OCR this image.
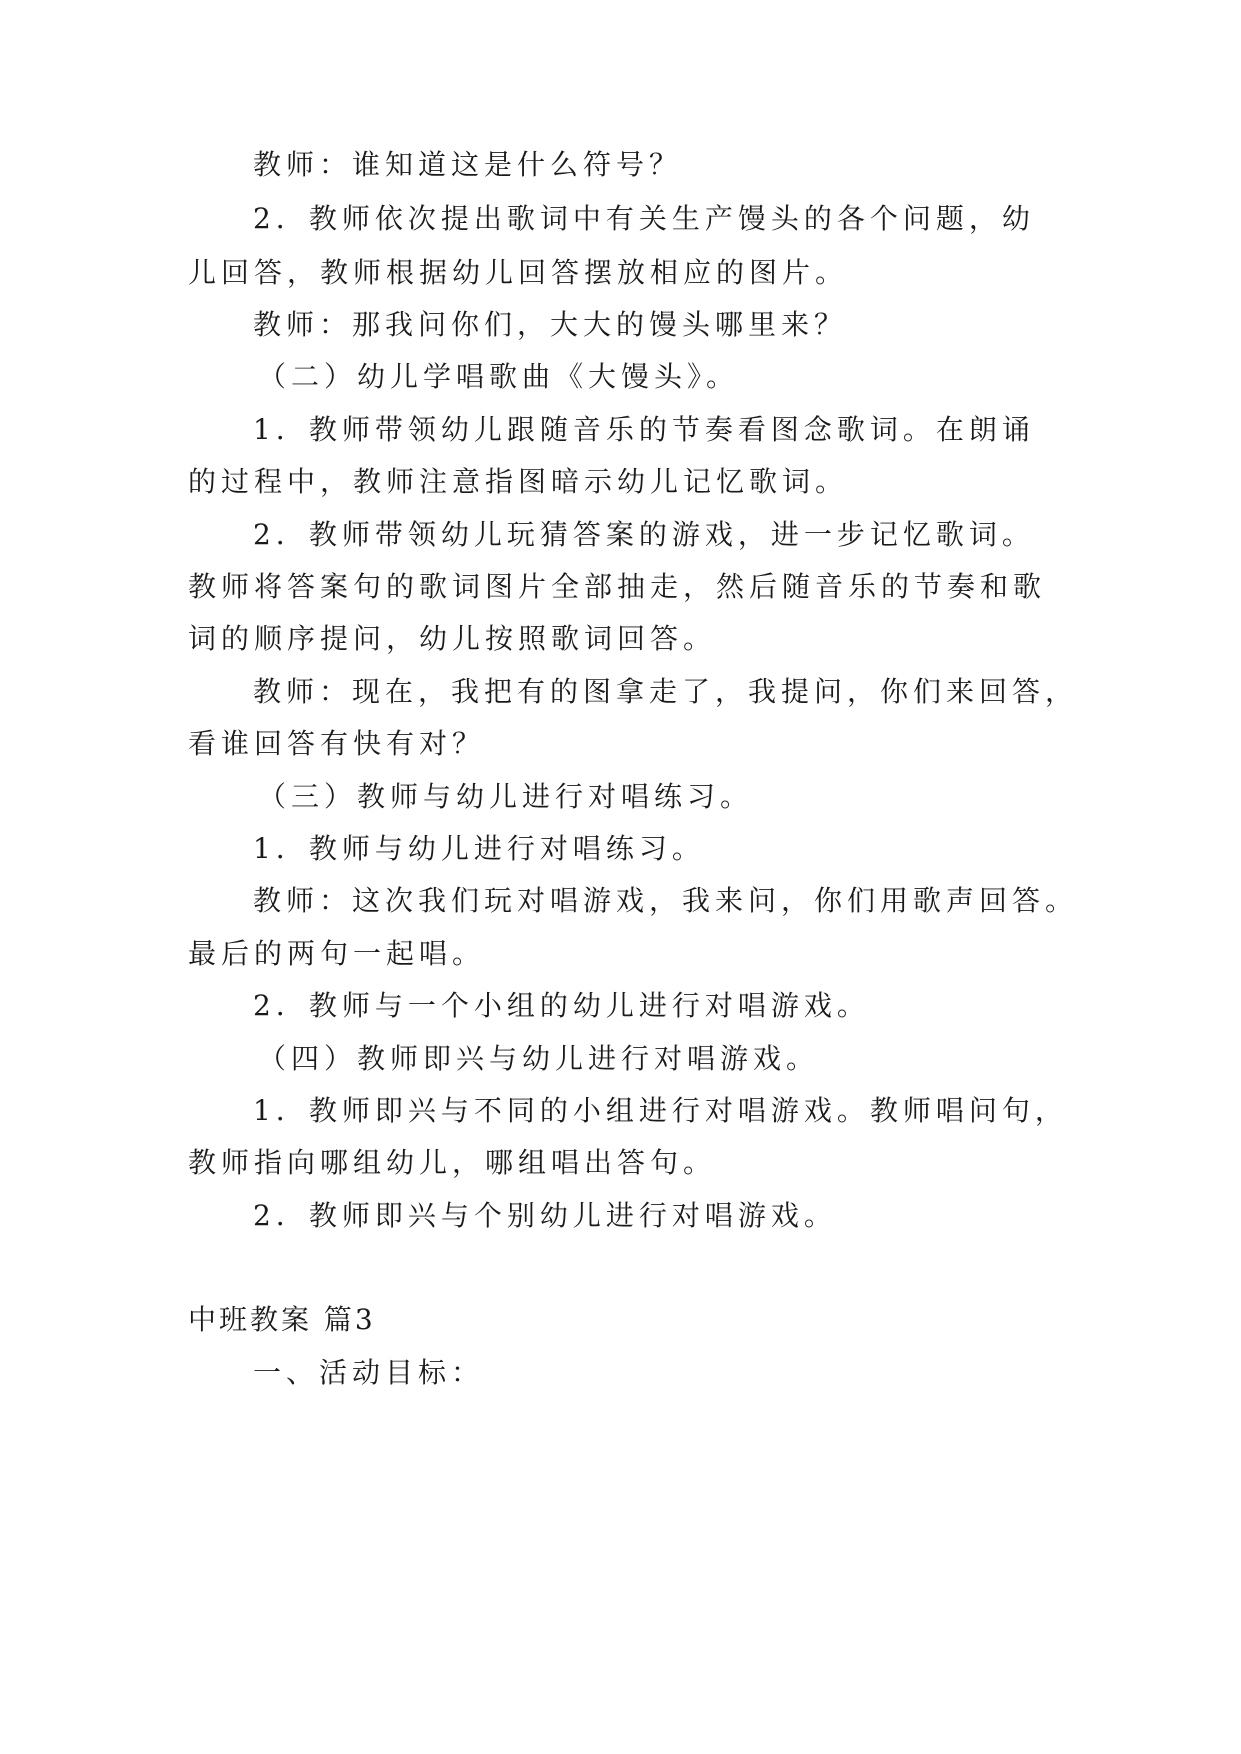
教师：谁知道这是什么符号？

2．教师依次提出歌词中有关生产馒头的各个问题，幼

儿回答，教师根据幼儿回答摆放相应的图片。

教师：那我问你们，大大的馒头哪里来？

（二）幼儿学唱歌曲《大馒头》。

1．教师带领幼儿跟随音乐的节奏看图念歌词。在朗诵

的过程中，教师注意指图暗示幼儿记忆歌词。

2．教师带领幼儿玩猜答案的游戏，进一步记忆歌词。

教师将答案句的歌词图片全部抽走，然后随音乐的节奏和歌

词的顺序提问，幼儿按照歌词回答。

教师：现在，我把有的图拿走了，我提问，你们来回答，

看谁回答有快有对？

（三）教师与幼儿进行对唱练习。

1．教师与幼儿进行对唱练习。

教师：这次我们玩对唱游戏，我来问，你们用歌声回答。

最后的两句一起唱。

2．教师与一个小组的幼儿进行对唱游戏。

（四）教师即兴与幼儿进行对唱游戏。

1．教师即兴与不同的小组进行对唱游戏。教师唱问句，

教师指向哪组幼儿，哪组唱出答句。

2．教师即兴与个别幼儿进行对唱游戏。

中班教案 篇3

一、活动目标：
